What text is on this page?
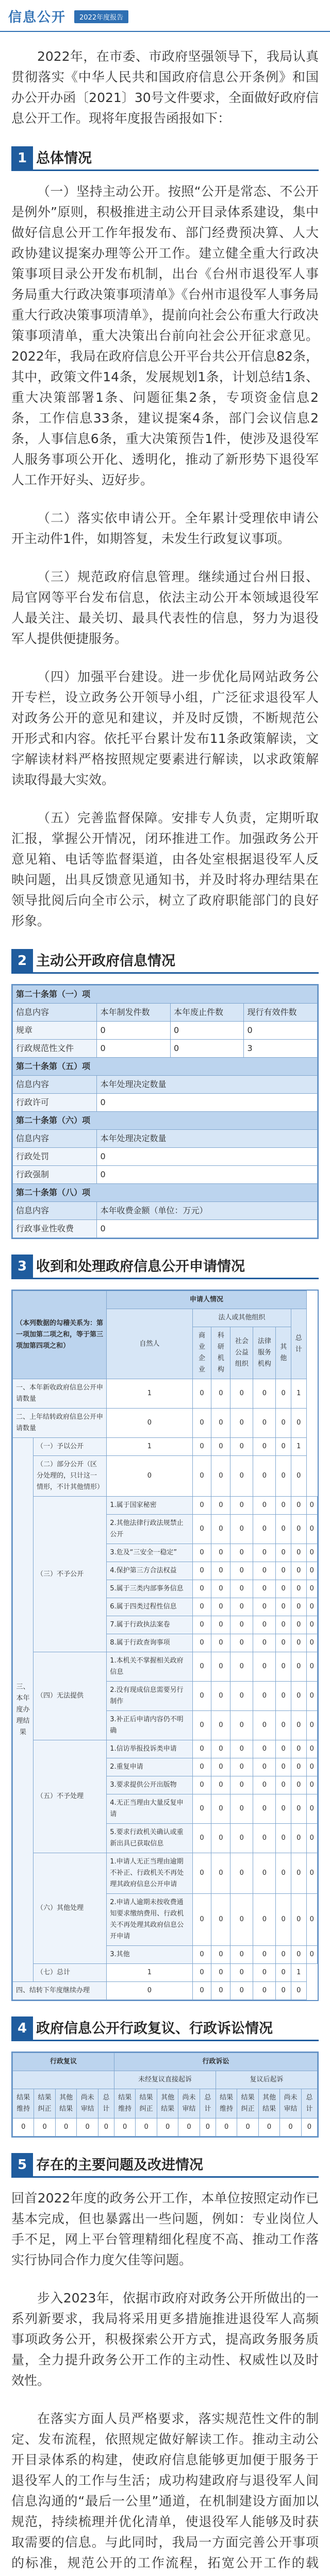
信息公开	2022年度报告

2022年，在市委、市政府坚强领导下，我局认真贯彻落实《中华人民共和国政府信息公开条例》和国办公开办函〔2021〕30号文件要求，全面做好政府信息公开工作。现将年度报告函报如下：

1 总体情况

（一）坚持主动公开。按照“公开是常态、不公开是例外”原则，积极推进主动公开目录体系建设，集中做好信息公开工作年报发布、部门经费预决算、人大政协建议提案办理等公开工作。建立健全重大行政决策事项目录公开发布机制，出台《台州市退役军人事务局重大行政决策事项清单》《台州市退役军人事务局重大行政决策事项清单》，提前向社会公布重大行政决策事项清单，重大决策出台前向社会公开征求意见。2022年，我局在政府信息公开平台共公开信息82条，其中，政策文件14条，发展规划1条，计划总结1条、重大决策部署1条、问题征集2条，专项资金信息2条，工作信息33条，建议提案4条，部门会议信息2条，人事信息6条，重大决策预告1件，使涉及退役军人服务事项公开化、透明化，推动了新形势下退役军人工作开好头、迈好步。

（二）落实依申请公开。全年累计受理依申请公开主动件1件，如期答复，未发生行政复议事项。

（三）规范政府信息管理。继续通过台州日报、局官网等平台发布信息，依法主动公开本领域退役军人最关注、最关切、最具代表性的信息，努力为退役军人提供便捷服务。

（四）加强平台建设。进一步优化局网站政务公开专栏，设立政务公开领导小组，广泛征求退役军人对政务公开的意见和建议，并及时反馈，不断规范公开形式和内容。依托平台累计发布11条政策解读，文字解读材料严格按照规定要素进行解读，以求政策解读取得最大实效。

（五）完善监督保障。安排专人负责，定期听取汇报，掌握公开情况，闭环推进工作。加强政务公开意见箱、电话等监督渠道，由各处室根据退役军人反映问题，出具反馈意见通知书，并及时将办理结果在领导批阅后向全市公示，树立了政府职能部门的良好形象。

2 主动公开政府信息情况
第二十条第（一）项			
信息内容	本年制发件数	本年废止件数	现行有效件数
规章	0	0	0
行政规范性文件	0	0	3
第二十条第（五）项			
信息内容	本年处理决定数量		
行政许可	0		
第二十条第（六）项			
信息内容	本年处理决定数量		
行政处罚	0		
行政强制	0		
第二十条第（八）项			
信息内容	本年收费金额（单位：万元）		
行政事业性收费	0		
3 收到和处理政府信息公开申请情况
（本列数据的勾稽关系为：第一项加第二项之和，等于第三项加第四项之和）		申请人情况							
		自然人	法人或其他组织					总计	
			商业企业	科研机构	社会公益组织	法律服务机构	其他		
一、本年新收政府信息公开申请数量		1	0	0	0	0	0	1	
二、上年结转政府信息公开申请数量		0	0	0	0	0	0	0	
三、本年度办理结果	（一）予以公开	1	0	0	0	0	0	1	
	（二）部分公开（区分处理的，只计这一情形，不计其他情形）	0	0	0	0	0	0	0	
	（三）不予公开	1.属于国家秘密	0	0	0	0	0	0	0
		2.其他法律行政法规禁止公开	0	0	0	0	0	0	0
		3.危及“三安全一稳定”	0	0	0	0	0	0	0
		4.保护第三方合法权益	0	0	0	0	0	0	0
		5.属于三类内部事务信息	0	0	0	0	0	0	0
		6.属于四类过程性信息	0	0	0	0	0	0	0
		7.属于行政执法案卷	0	0	0	0	0	0	0
		8.属于行政查询事项	0	0	0	0	0	0	0
	（四）无法提供	1.本机关不掌握相关政府信息	0	0	0	0	0	0	0
		2.没有现成信息需要另行制作	0	0	0	0	0	0	0
		3.补正后申请内容仍不明确	0	0	0	0	0	0	0
	（五）不予处理	1.信访举报投诉类申请	0	0	0	0	0	0	0
		2.重复申请	0	0	0	0	0	0	0
		3.要求提供公开出版物	0	0	0	0	0	0	0
		4.无正当理由大量反复申请	0	0	0	0	0	0	0
		5.要求行政机关确认或重新出具已获取信息	0	0	0	0	0	0	0
	（六）其他处理	1.申请人无正当理由逾期不补正、行政机关不再处理其政府信息公开申请	0	0	0	0	0	0	0
		2.申请人逾期未按收费通知要求缴纳费用、行政机关不再处理其政府信息公开申请	0	0	0	0	0	0	0
		3.其他	0	0	0	0	0	0	0
	（七）总计	1	0	0	0	0	0	1	
四、结转下年度继续办理		0	0	0	0	0	0	0	
4 政府信息公开行政复议、行政诉讼情况
行政复议					行政诉讼									
					未经复议直接起诉					复议后起诉				
结果维持	结果纠正	其他结果	尚未审结	总计	结果维持	结果纠正	其他结果	尚未审结	总计	结果维持	结果纠正	其他结果	尚未审结	总计
0	0	0	0	0	0	0	0	0	0	0	0	0	0	0
5 存在的主要问题及改进情况

回首2022年度的政务公开工作，本单位按照定动作已基本完成，但也暴露出一些问题，例如：专业岗位人手不足，网上平台管理精细化程度不高、推动工作落实行协同合作力度欠佳等问题。

步入2023年，依据市政府对政务公开所做出的一系列新要求，我局将采用更多措施推进退役军人高频事项政务公开，积极探索公开方式，提高政务服务质量，全力提升政务公开工作的主动性、权威性以及时效性。

在落实方面人员严格要求，落实规范性文件的制定、发布流程，依照规定做好解读工作。推动主动公开目录体系的构建，使政府信息能够更加便于服务于退役军人的工作与生活；成功构建政府与退役军人间信息沟通的“最后一公里”通道，在机制建设方面加以规范，持续梳理并优化清单，使退役军人能够及时获取需要的信息。与此同时，我局一方面完善公开事项的标准，规范公开的工作流程，拓宽公开工作的载
